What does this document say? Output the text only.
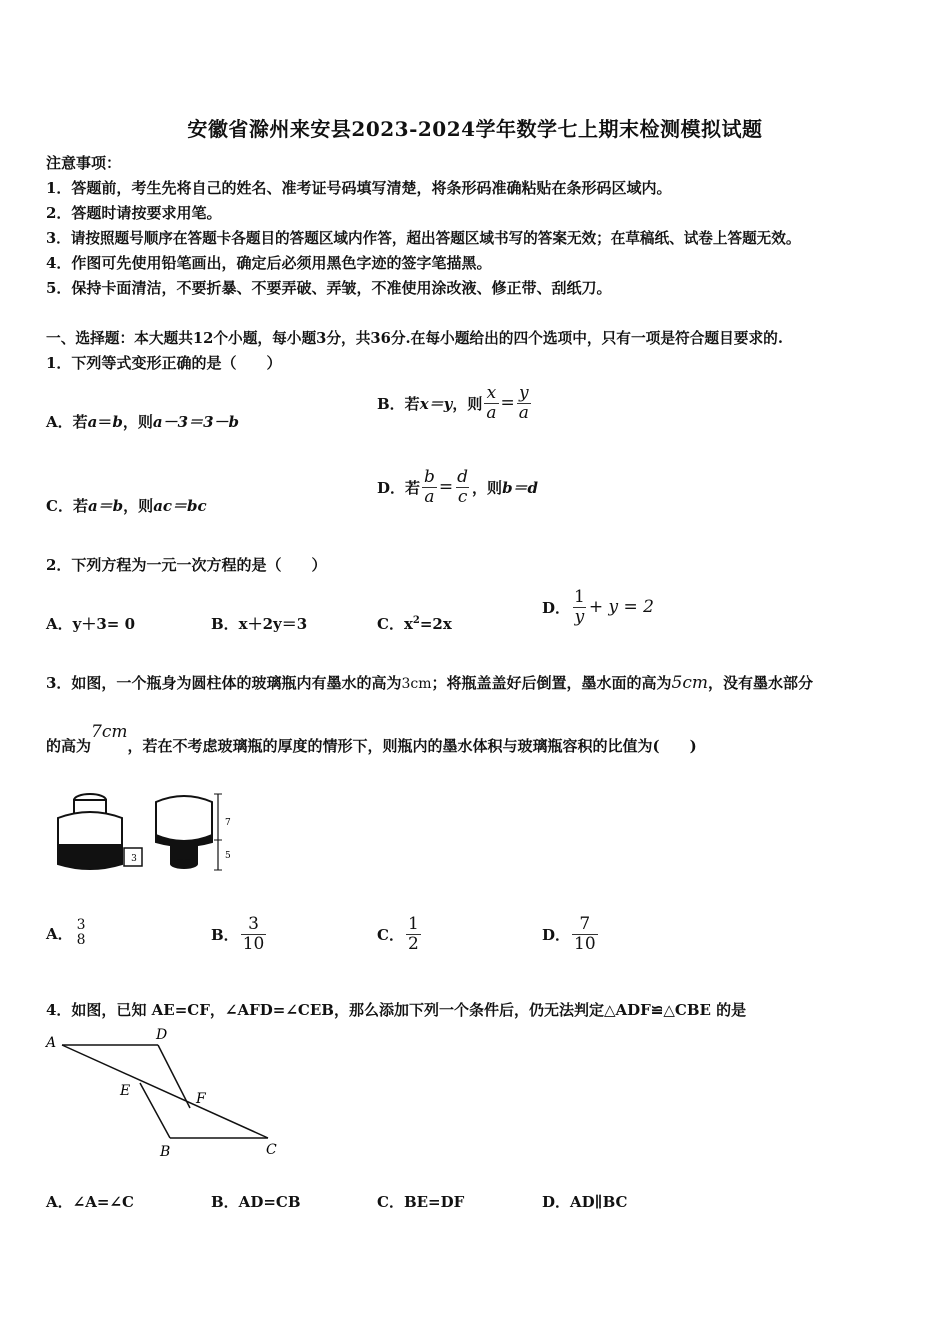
安徽省滁州来安县2023-2024学年数学七上期末检测模拟试题
注意事项：
1．答题前，考生先将自己的姓名、准考证号码填写清楚，将条形码准确粘贴在条形码区域内。
2．答题时请按要求用笔。
3．请按照题号顺序在答题卡各题目的答题区域内作答，超出答题区域书写的答案无效；在草稿纸、试卷上答题无效。
4．作图可先使用铅笔画出，确定后必须用黑色字迹的签字笔描黑。
5．保持卡面清洁，不要折暴、不要弄破、弄皱，不准使用涂改液、修正带、刮纸刀。
一、选择题：本大题共12个小题，每小题3分，共36分.在每小题给出的四个选项中，只有一项是符合题目要求的.
1．下列等式变形正确的是（　　）
A．若a＝b，则a－3＝3－b
B．若 x＝y ，则 $\frac{x}{a} = \frac{y}{a}$
C．若a＝b，则ac＝bc
D．若 $\frac{b}{a} = \frac{d}{c}$ ，则 b＝d
2．下列方程为一元一次方程的是（　　）
A．y＋3= 0	B．x＋2y＝3	C．$x^2=2x$
D． $\frac{1}{y} + y = 2$
3．如图，一个瓶身为圆柱体的玻璃瓶内有墨水的高为3cm；将瓶盖盖好后倒置，墨水面的高为5cm，没有墨水部分
的高为7cm，若在不考虑玻璃瓶的厚度的情形下，则瓶内的墨水体积与玻璃瓶容积的比值为(　　)
3
7
5
A． 3
8	B． $\frac{3}{10}$	C． $\frac{1}{2}$	D． $\frac{7}{10}$
4．如图，已知 AE=CF，∠AFD=∠CEB，那么添加下列一个条件后，仍无法判定△ADF≌△CBE 的是
A	D
E	F
B	C
A．∠A=∠C	B．AD=CB	C．BE=DF	D．AD∥BC
